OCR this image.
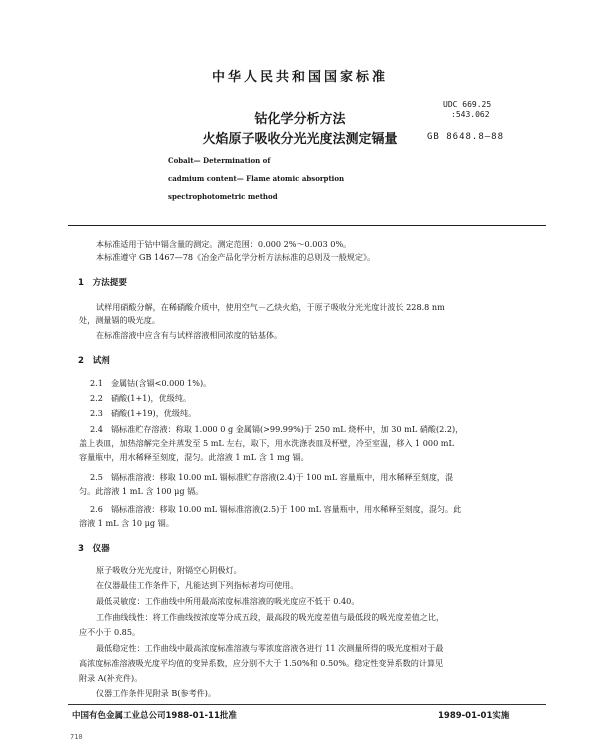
中华人民共和国国家标准
UDC 669.25
:543.062
钴化学分析方法
火焰原子吸收分光光度法测定镉量	GB 8648.8—88
Cobalt— Determination of
cadmium content— Flame atomic absorption
spectrophotometric method
本标准适用于钴中镉含量的测定。测定范围：0.000 2%～0.003 0%。
本标准遵守 GB 1467—78《冶金产品化学分析方法标准的总则及一般规定》。
1　方法提要
试样用硝酸分解，在稀硝酸介质中，使用空气－乙炔火焰，于原子吸收分光光度计波长 228.8 nm
处，测量镉的吸光度。
在标准溶液中应含有与试样溶液相同浓度的钴基体。
2　试剂
2.1　金属钴(含镉<0.000 1%)。
2.2　硝酸(1+1)，优级纯。
2.3　硝酸(1+19)，优级纯。
2.4　镉标准贮存溶液：称取 1.000 0 g 金属镉(>99.99%)于 250 mL 烧杯中，加 30 mL 硝酸(2.2)，
盖上表皿，加热溶解完全并蒸发至 5 mL 左右，取下，用水洗涤表皿及杯壁，冷至室温，移入 1 000 mL
容量瓶中，用水稀释至刻度，混匀。此溶液 1 mL 含 1 mg 镉。
2.5　镉标准溶液：移取 10.00 mL 镉标准贮存溶液(2.4)于 100 mL 容量瓶中，用水稀释至刻度，混
匀。此溶液 1 mL 含 100 μg 镉。
2.6　镉标准溶液：移取 10.00 mL 镉标准溶液(2.5)于 100 mL 容量瓶中，用水稀释至刻度，混匀。此
溶液 1 mL 含 10 μg 镉。
3　仪器
原子吸收分光光度计，附镉空心阴极灯。
在仪器最佳工作条件下，凡能达到下列指标者均可使用。
最低灵敏度：工作曲线中所用最高浓度标准溶液的吸光度应不低于 0.40。
工作曲线线性：将工作曲线按浓度等分成五段，最高段的吸光度差值与最低段的吸光度差值之比，
应不小于 0.85。
最低稳定性：工作曲线中最高浓度标准溶液与零浓度溶液各进行 11 次测量所得的吸光度相对于最
高浓度标准溶液吸光度平均值的变异系数，应分别不大于 1.50%和 0.50%。稳定性变异系数的计算见
附录 A(补充件)。
仪器工作条件见附录 B(参考件)。
中国有色金属工业总公司1988-01-11批准	1989-01-01实施
710
